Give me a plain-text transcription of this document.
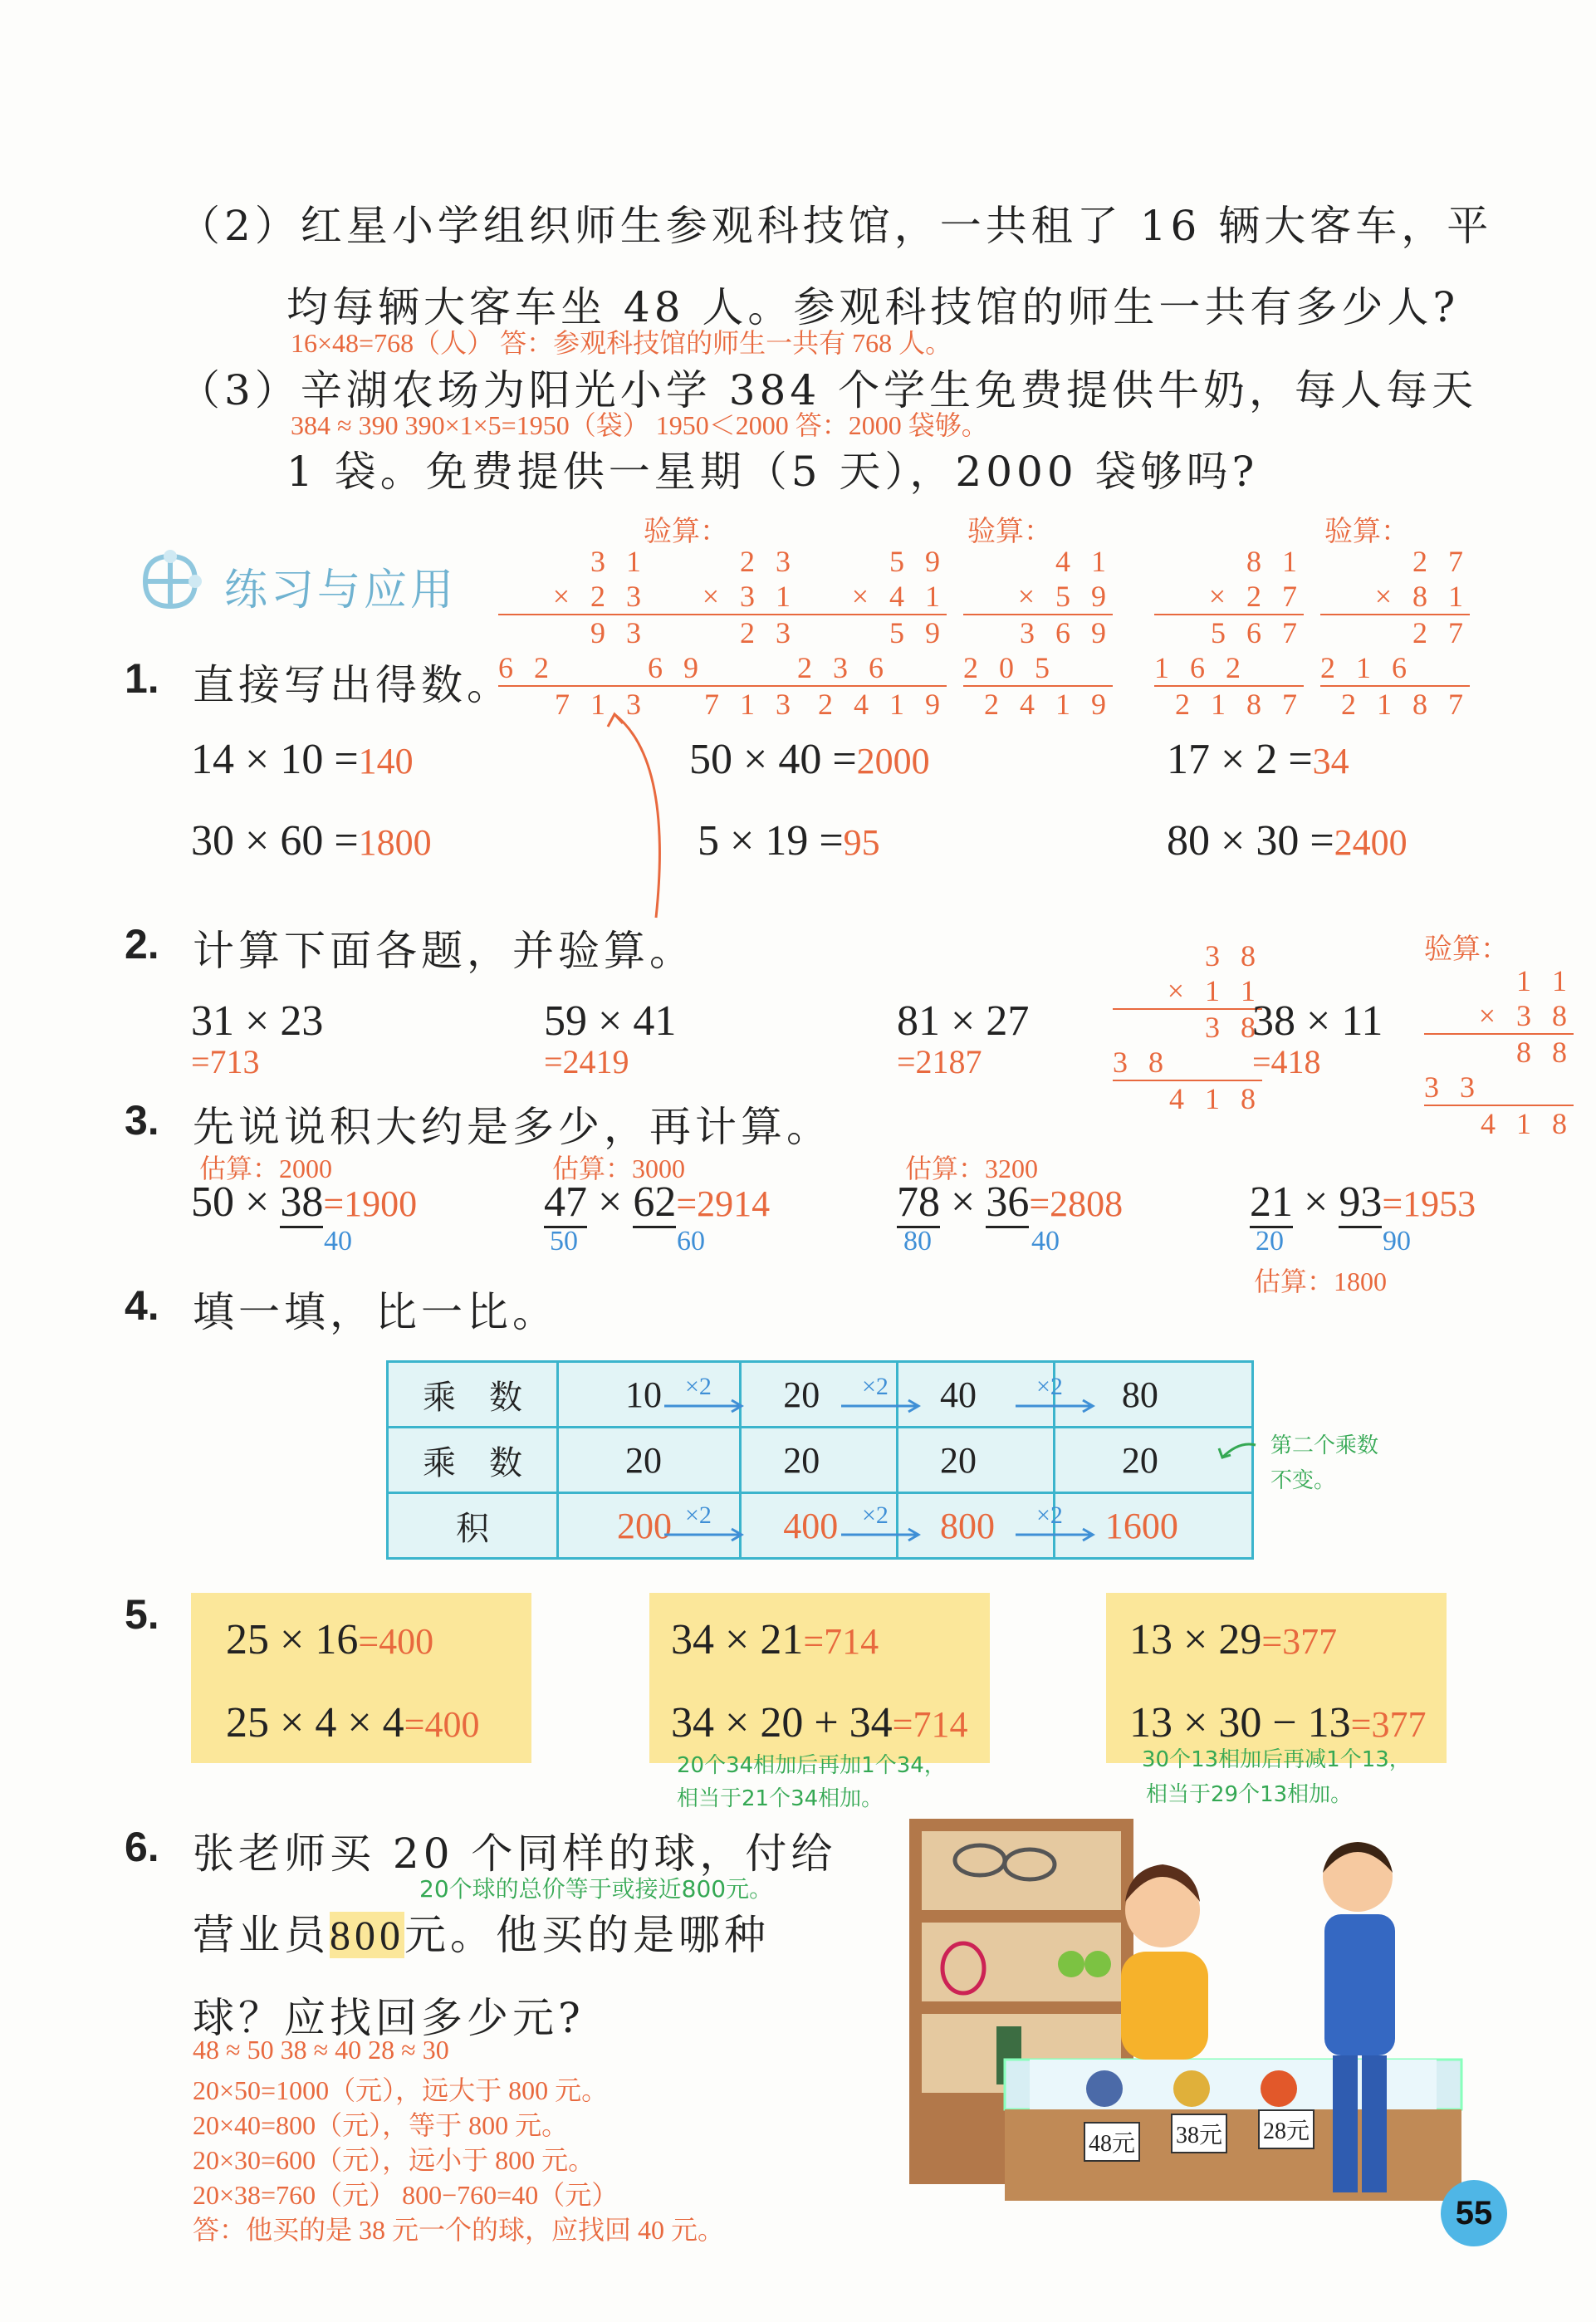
（2）红星小学组织师生参观科技馆，一共租了 16 辆大客车，平
均每辆大客车坐 48 人。参观科技馆的师生一共有多少人?
16×48=768（人） 答：参观科技馆的师生一共有 768 人。
（3）辛湖农场为阳光小学 384 个学生免费提供牛奶，每人每天
384 ≈ 390 390×1×5=1950（袋） 1950＜2000 答：2000 袋够。
1 袋。免费提供一星期（5 天），2000 袋够吗?
练习与应用
验算：	验算：	验算：
3 1
× 2 3
9 3
6 2
7 1 3
2 3
× 3 1
2 3
6 9
7 1 3
5 9
× 4 1
5 9
2 3 6
2 4 1 9
4 1
× 5 9
3 6 9
2 0 5
2 4 1 9
8 1
× 2 7
5 6 7
1 6 2
2 1 8 7
2 7
× 8 1
2 7
2 1 6
2 1 8 7
3 8
× 1 1
3 8
3 8
4 1 8
1 1
× 3 8
8 8
3 3
4 1 8
1. 直接写出得数。
14 × 10 =140	50 × 40 =2000	17 × 2 =34
30 × 60 =1800	5 × 19 =95	80 × 30 =2400
2. 计算下面各题，并验算。	验算：
31 × 23
=713
59 × 41
=2419
81 × 27
=2187
38 × 11
=418
3. 先说说积大约是多少，再计算。
估算：2000
50 × 38=1900
40
估算：3000
47 × 62=2914
50	60
估算：3200
78 × 36=2808
80	40
21 × 93=1953
20	90
估算：1800
4. 填一填，比一比。
乘　数	10	20	40	80
乘　数	20	20	20	20
积	200	400	800	1600
×2	×2	×2
×2	×2	×2
第二个乘数
不变。
5.
25 × 16=400
25 × 4 × 4=400
34 × 21=714
34 × 20 + 34=714
20个34相加后再加1个34，
相当于21个34相加。
13 × 29=377
13 × 30 − 13=377
30个13相加后再减1个13，
相当于29个13相加。
6. 张老师买 20 个同样的球，付给
20个球的总价等于或接近800元。
营业员800元。他买的是哪种
球？应找回多少元?
48 ≈ 50 38 ≈ 40 28 ≈ 30
20×50=1000（元），远大于 800 元。
20×40=800（元），等于 800 元。
20×30=600（元），远小于 800 元。
20×38=760（元） 800−760=40（元）
答：他买的是 38 元一个的球，应找回 40 元。
48元 38元 28元
55
